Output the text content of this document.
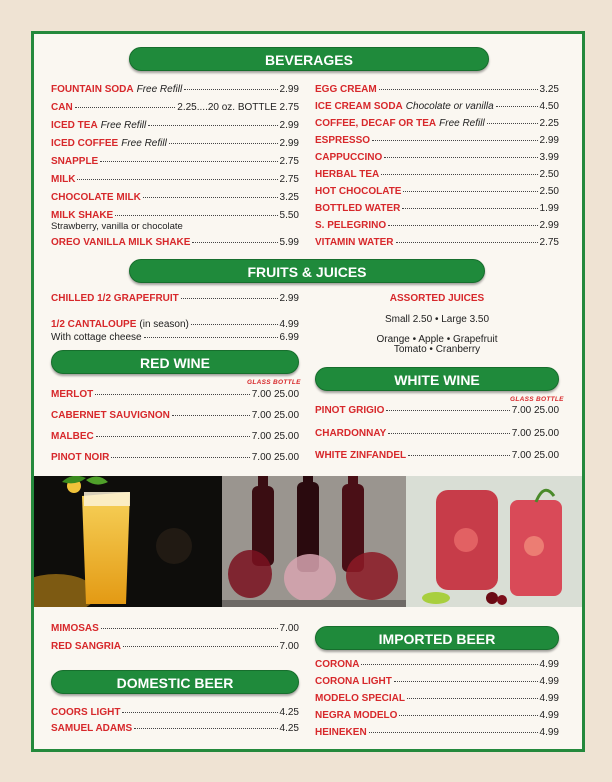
BEVERAGES
FOUNTAIN SODA Free Refill	2.99
CAN	2.25....20 oz. BOTTLE 2.75
ICED TEA Free Refill	2.99
ICED COFFEE Free Refill	2.99
SNAPPLE	2.75
MILK	2.75
CHOCOLATE MILK	3.25
MILK SHAKE	5.50
Strawberry, vanilla or chocolate
OREO VANILLA MILK SHAKE	5.99
EGG CREAM	3.25
ICE CREAM SODA Chocolate or vanilla	4.50
COFFEE, DECAF OR TEA Free Refill	2.25
ESPRESSO	2.99
CAPPUCCINO	3.99
HERBAL TEA	2.50
HOT CHOCOLATE	2.50
BOTTLED WATER	1.99
S. PELEGRINO	2.99
VITAMIN WATER	2.75
FRUITS & JUICES
CHILLED 1/2 GRAPEFRUIT	2.99
1/2 CANTALOUPE (in season)	4.99
With cottage cheese	6.99
ASSORTED JUICES
Small 2.50 • Large 3.50
Orange • Apple • Grapefruit
Tomato • Cranberry
RED WINE
GLASS BOTTLE
MERLOT	7.00 25.00
CABERNET SAUVIGNON	7.00 25.00
MALBEC	7.00 25.00
PINOT NOIR	7.00 25.00
WHITE WINE
GLASS BOTTLE
PINOT GRIGIO	7.00 25.00
CHARDONNAY	7.00 25.00
WHITE ZINFANDEL	7.00 25.00
MIMOSAS	7.00
RED SANGRIA	7.00
DOMESTIC BEER
COORS LIGHT	4.25
SAMUEL ADAMS	4.25
IMPORTED BEER
CORONA	4.99
CORONA LIGHT	4.99
MODELO SPECIAL	4.99
NEGRA MODELO	4.99
HEINEKEN	4.99
